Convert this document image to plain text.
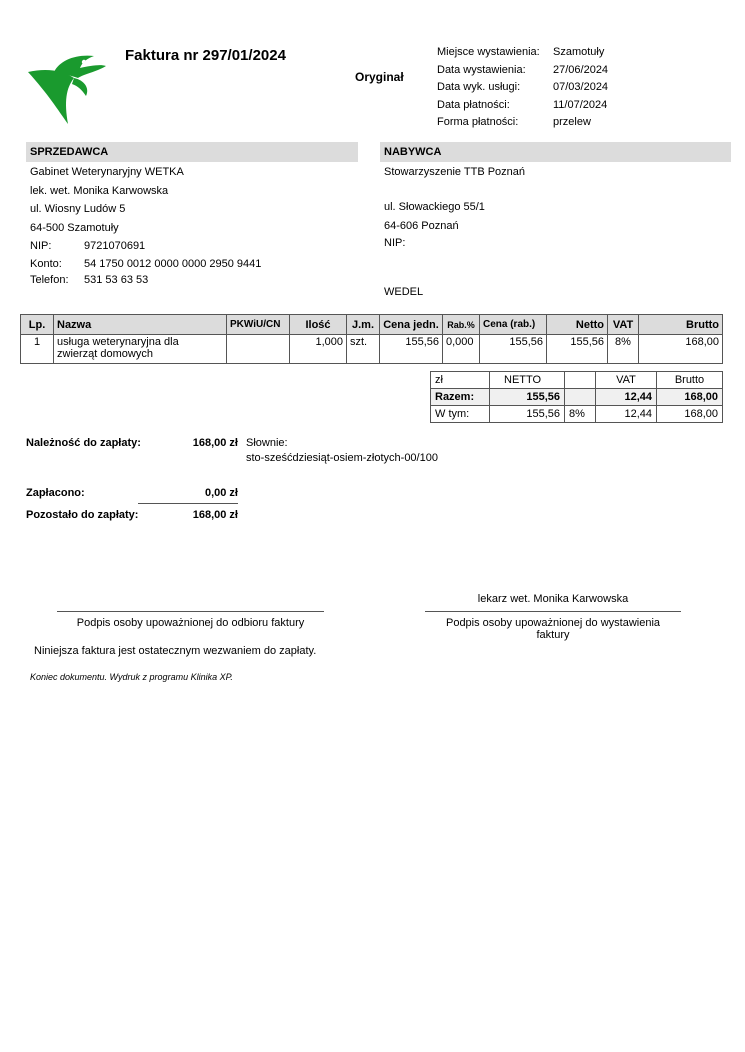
Faktura nr 297/01/2024
Oryginał
Miejsce wystawienia:	Szamotuły
Data wystawienia:	27/06/2024
Data wyk. usługi:	07/03/2024
Data płatności:	11/07/2024
Forma płatności:	przelew
SPRZEDAWCA
Gabinet Weterynaryjny WETKA
lek. wet. Monika Karwowska
ul. Wiosny Ludów 5
64-500 Szamotuły
NIP:	9721070691
Konto: 54 1750 0012 0000 0000 2950 9441
Telefon: 531 53 63 53
NABYWCA
Stowarzyszenie TTB Poznań
ul. Słowackiego 55/1
64-606 Poznań
NIP:
WEDEL
Lp.	Nazwa	PKWiU/CN	Ilość	J.m.	Cena jedn.	Rab.%	Cena (rab.)	Netto	VAT	Brutto
1	usługa weterynaryjna dla
zwierząt domowych		1,000	szt.	155,56	0,000	155,56	155,56	8%	168,00
zł	NETTO		VAT	Brutto
Razem:	155,56		12,44	168,00
W tym:	155,56	8%	12,44	168,00
Należność do zapłaty:	168,00 zł Słownie:
sto-sześćdziesiąt-osiem-złotych-00/100
Zapłacono:	0,00 zł
Pozostało do zapłaty:	168,00 zł
lekarz wet. Monika Karwowska
Podpis osoby upoważnionej do wystawienia
faktury
Podpis osoby upoważnionej do odbioru faktury
Niniejsza faktura jest ostatecznym wezwaniem do zapłaty.
Koniec dokumentu. Wydruk z programu Klinika XP.
